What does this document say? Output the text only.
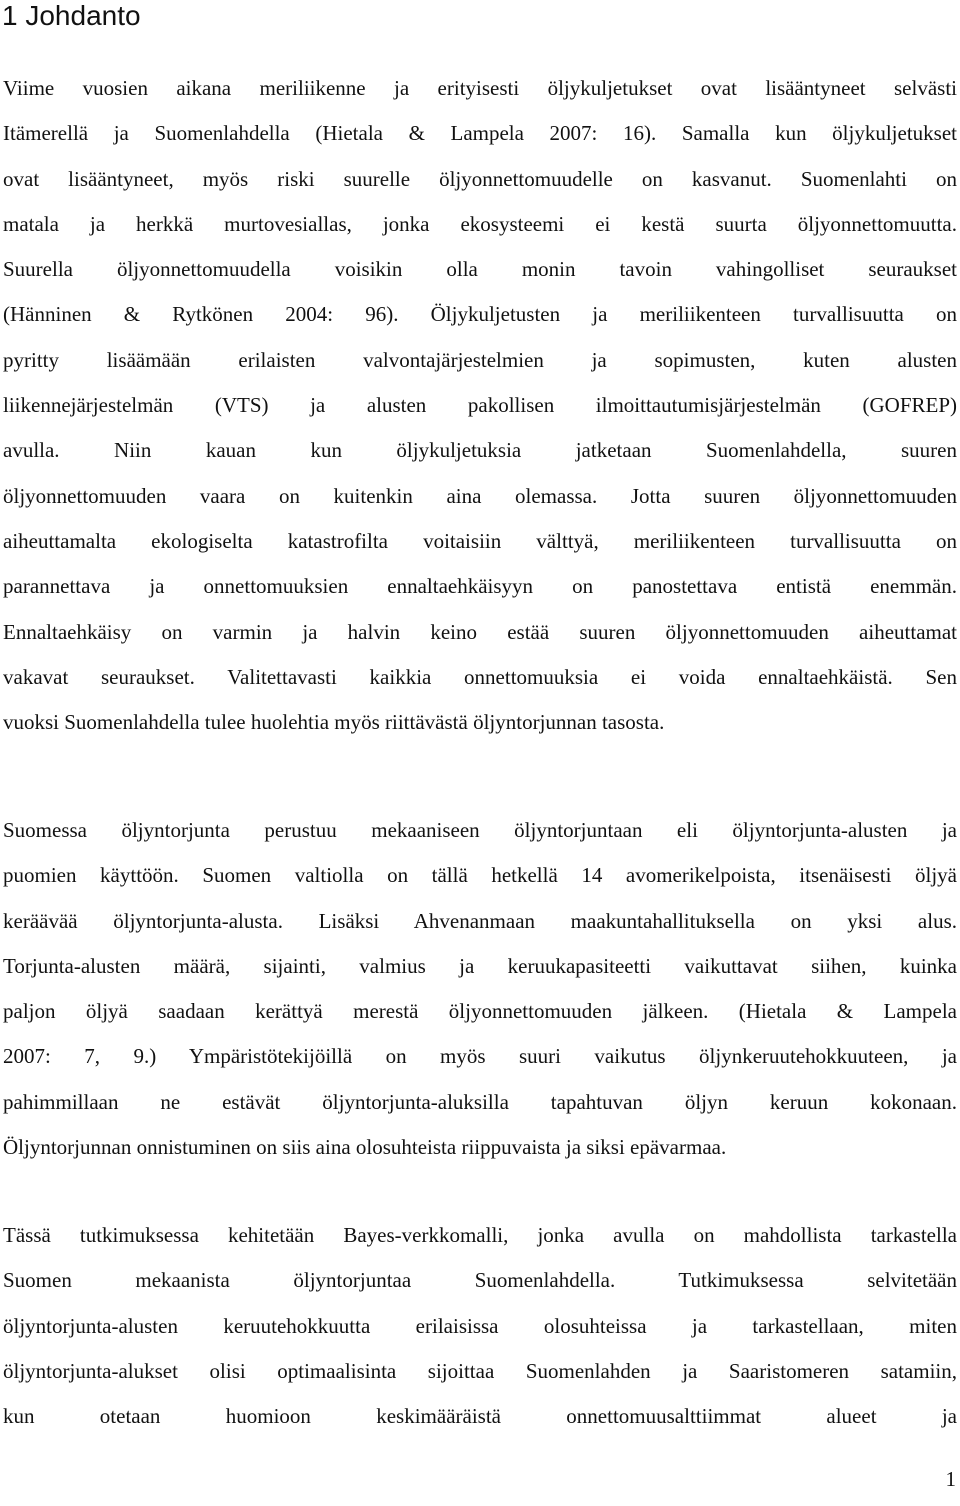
1 Johdanto

Viime vuosien aikana meriliikenne ja erityisesti öljykuljetukset ovat lisääntyneet selvästi
Itämerellä ja Suomenlahdella (Hietala & Lampela 2007: 16). Samalla kun öljykuljetukset
ovat lisääntyneet, myös riski suurelle öljyonnettomuudelle on kasvanut. Suomenlahti on
matala ja herkkä murtovesiallas, jonka ekosysteemi ei kestä suurta öljyonnettomuutta.
Suurella öljyonnettomuudella voisikin olla monin tavoin vahingolliset seuraukset
(Hänninen & Rytkönen 2004: 96). Öljykuljetusten ja meriliikenteen turvallisuutta on
pyritty lisäämään erilaisten valvontajärjestelmien ja sopimusten, kuten alusten
liikennejärjestelmän (VTS) ja alusten pakollisen ilmoittautumisjärjestelmän (GOFREP)
avulla. Niin kauan kun öljykuljetuksia jatketaan Suomenlahdella, suuren
öljyonnettomuuden vaara on kuitenkin aina olemassa. Jotta suuren öljyonnettomuuden
aiheuttamalta ekologiselta katastrofilta voitaisiin välttyä, meriliikenteen turvallisuutta on
parannettava ja onnettomuuksien ennaltaehkäisyyn on panostettava entistä enemmän.
Ennaltaehkäisy on varmin ja halvin keino estää suuren öljyonnettomuuden aiheuttamat
vakavat seuraukset. Valitettavasti kaikkia onnettomuuksia ei voida ennaltaehkäistä. Sen
vuoksi Suomenlahdella tulee huolehtia myös riittävästä öljyntorjunnan tasosta.

Suomessa öljyntorjunta perustuu mekaaniseen öljyntorjuntaan eli öljyntorjunta-alusten ja
puomien käyttöön. Suomen valtiolla on tällä hetkellä 14 avomerikelpoista, itsenäisesti öljyä
keräävää öljyntorjunta-alusta. Lisäksi Ahvenanmaan maakuntahallituksella on yksi alus.
Torjunta-alusten määrä, sijainti, valmius ja keruukapasiteetti vaikuttavat siihen, kuinka
paljon öljyä saadaan kerättyä merestä öljyonnettomuuden jälkeen. (Hietala & Lampela
2007: 7, 9.) Ympäristötekijöillä on myös suuri vaikutus öljynkeruutehokkuuteen, ja
pahimmillaan ne estävät öljyntorjunta-aluksilla tapahtuvan öljyn keruun kokonaan.
Öljyntorjunnan onnistuminen on siis aina olosuhteista riippuvaista ja siksi epävarmaa.

Tässä tutkimuksessa kehitetään Bayes-verkkomalli, jonka avulla on mahdollista tarkastella
Suomen mekaanista öljyntorjuntaa Suomenlahdella. Tutkimuksessa selvitetään
öljyntorjunta-alusten keruutehokkuutta erilaisissa olosuhteissa ja tarkastellaan, miten
öljyntorjunta-alukset olisi optimaalisinta sijoittaa Suomenlahden ja Saaristomeren satamiin,
kun otetaan huomioon keskimääräistä onnettomuusalttiimmat alueet ja

1
